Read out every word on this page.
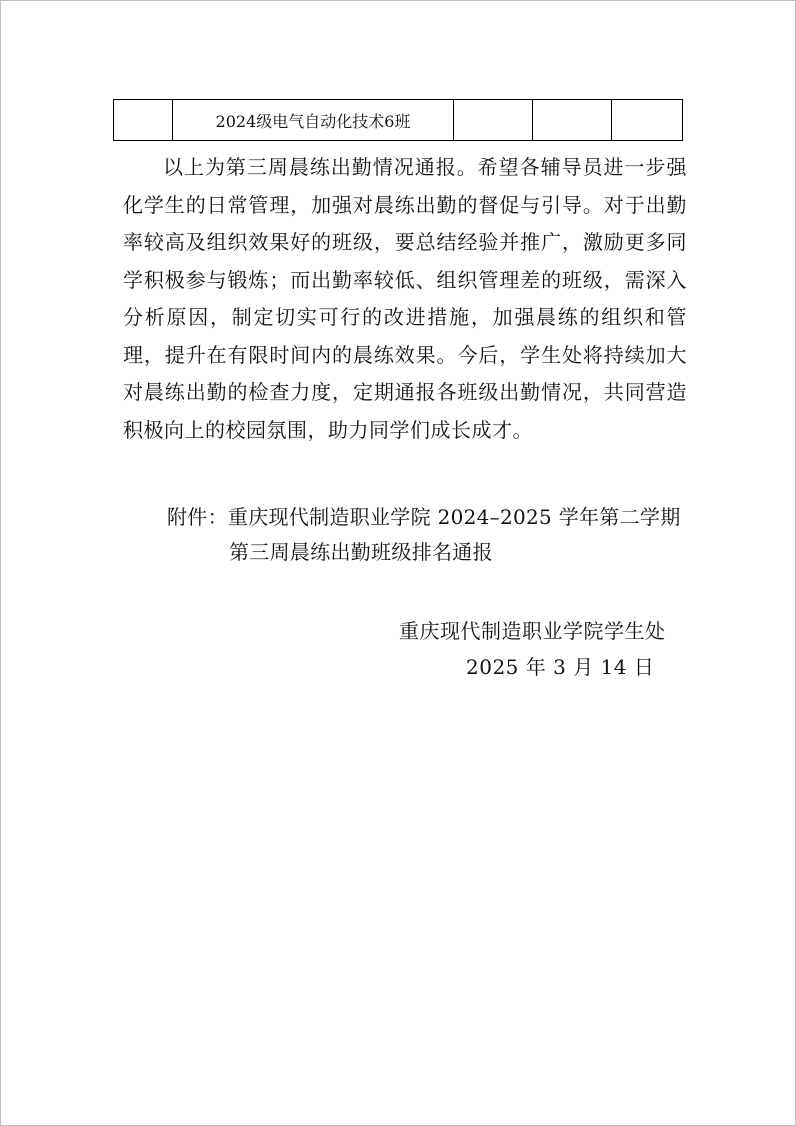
	2024级电气自动化技术6班			

以上为第三周晨练出勤情况通报。希望各辅导员进一步强化学生的日常管理，加强对晨练出勤的督促与引导。对于出勤率较高及组织效果好的班级，要总结经验并推广，激励更多同学积极参与锻炼；而出勤率较低、组织管理差的班级，需深入分析原因，制定切实可行的改进措施，加强晨练的组织和管理，提升在有限时间内的晨练效果。今后，学生处将持续加大对晨练出勤的检查力度，定期通报各班级出勤情况，共同营造积极向上的校园氛围，助力同学们成长成才。

附件：重庆现代制造职业学院 2024–2025 学年第二学期
第三周晨练出勤班级排名通报
重庆现代制造职业学院学生处
2025 年 3 月 14 日
